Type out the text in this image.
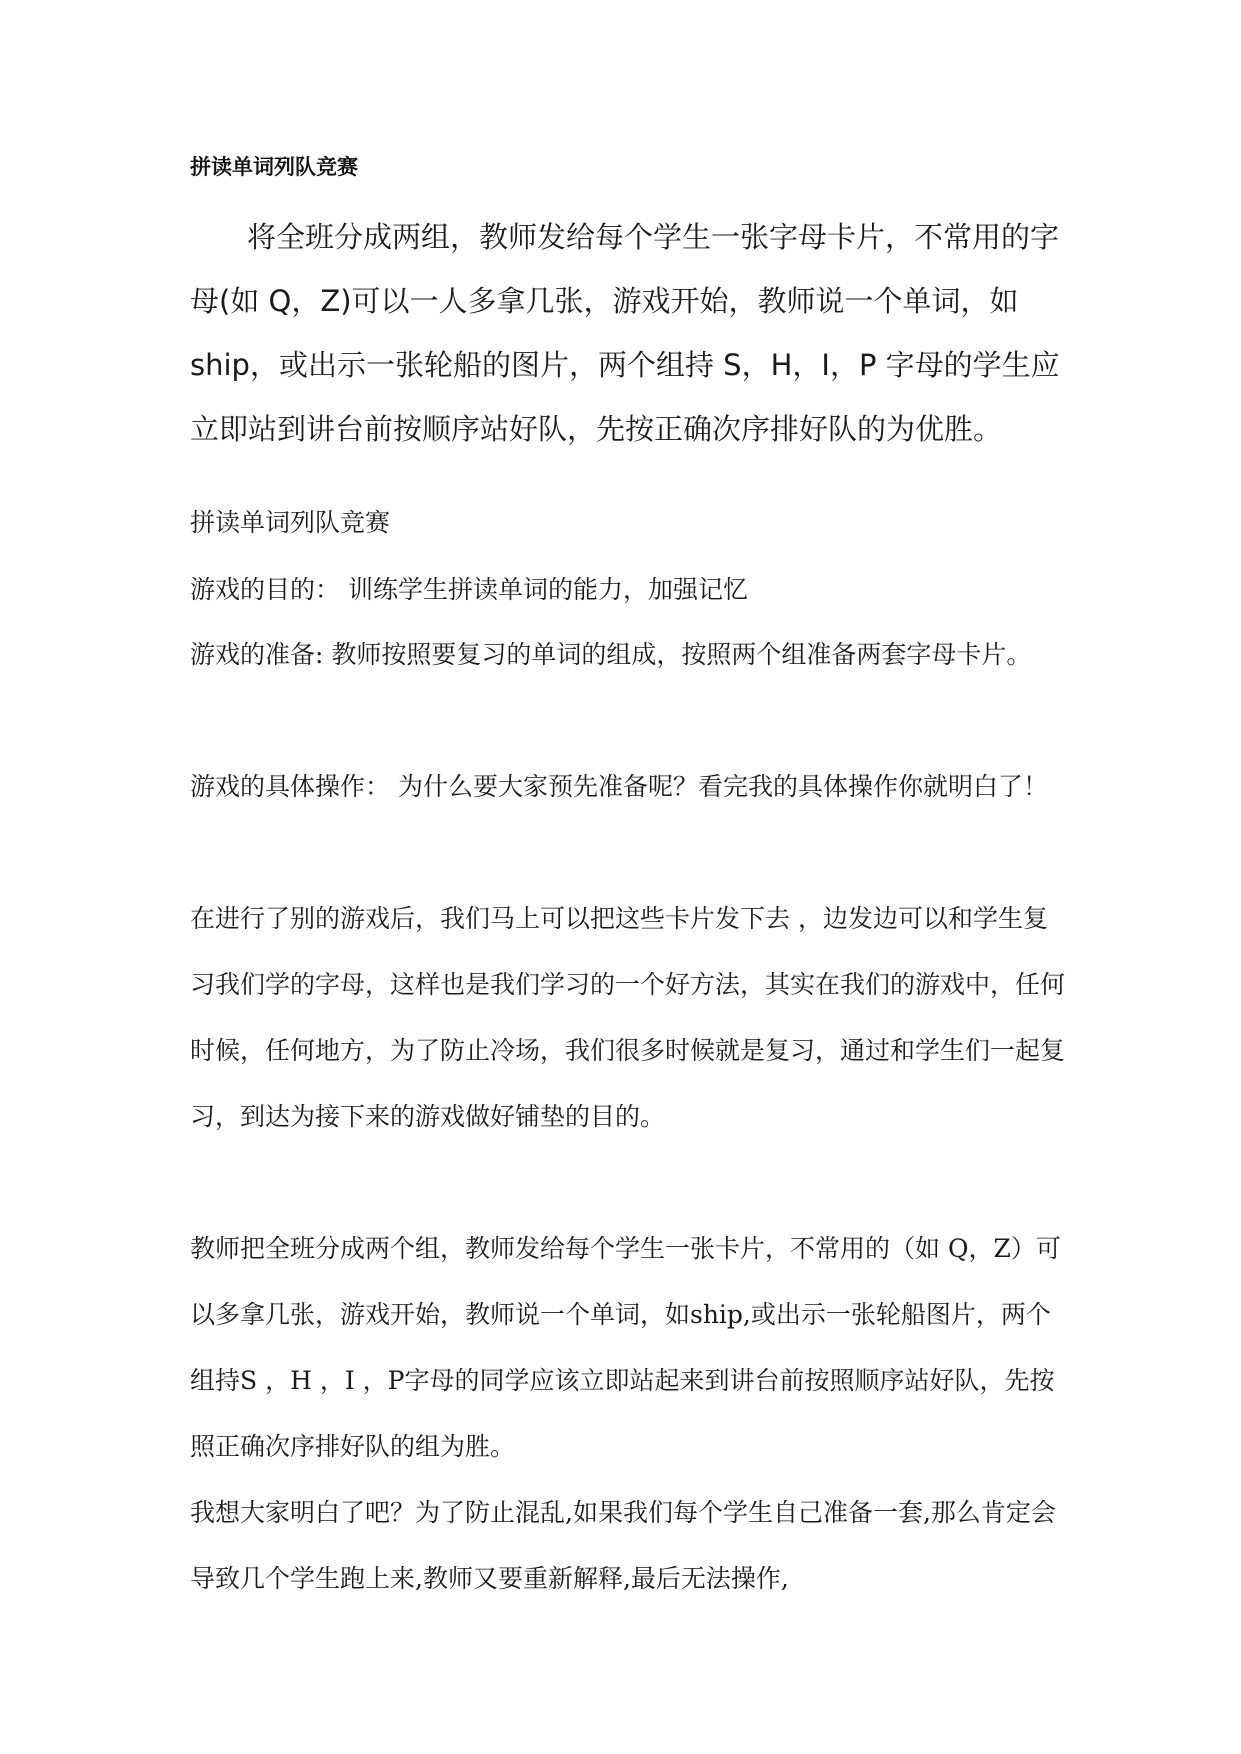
拼读单词列队竞赛

将全班分成两组，教师发给每个学生一张字母卡片，不常用的字母(如 Q，Z)可以一人多拿几张，游戏开始，教师说一个单词，如 ship，或出示一张轮船的图片，两个组持 S，H，I，P 字母的学生应立即站到讲台前按顺序站好队，先按正确次序排好队的为优胜。

拼读单词列队竞赛

游戏的目的： 训练学生拼读单词的能力，加强记忆

游戏的准备: 教师按照要复习的单词的组成，按照两个组准备两套字母卡片。

游戏的具体操作： 为什么要大家预先准备呢？看完我的具体操作你就明白了！

在进行了别的游戏后，我们马上可以把这些卡片发下去 ，边发边可以和学生复习我们学的字母，这样也是我们学习的一个好方法，其实在我们的游戏中，任何时候，任何地方，为了防止冷场，我们很多时候就是复习，通过和学生们一起复习，到达为接下来的游戏做好铺垫的目的。

教师把全班分成两个组，教师发给每个学生一张卡片，不常用的（如 Q，Z）可以多拿几张，游戏开始，教师说一个单词，如ship,或出示一张轮船图片，两个组持S ，H ，I ，P字母的同学应该立即站起来到讲台前按照顺序站好队，先按照正确次序排好队的组为胜。

我想大家明白了吧？为了防止混乱,如果我们每个学生自己准备一套,那么肯定会导致几个学生跑上来,教师又要重新解释,最后无法操作,
